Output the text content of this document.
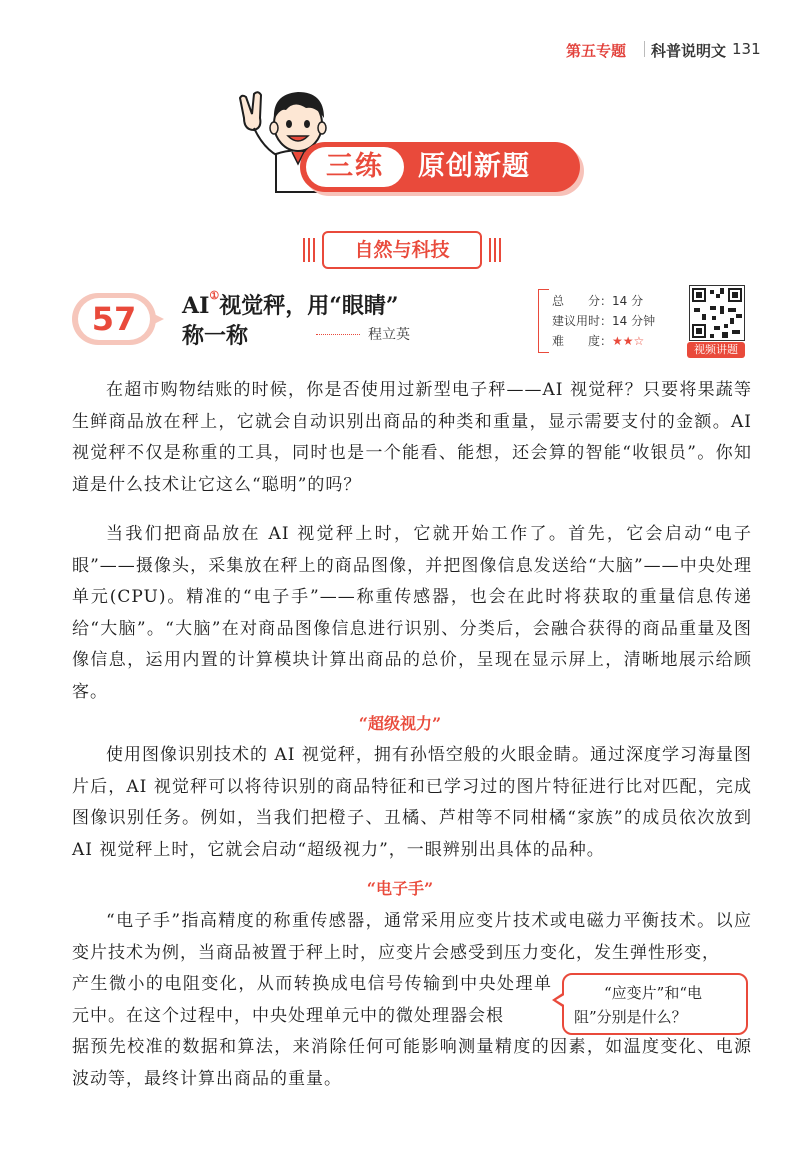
第五专题 科普说明文 131
三练	原创新题
自然与科技
57	AI①视觉秤，用“眼睛”
称一称	程立英
总　　分：14 分
建议用时：14 分钟
难　　度：★★☆
视频讲题

在超市购物结账的时候，你是否使用过新型电子秤——AI 视觉秤？只要将果蔬等生鲜商品放在秤上，它就会自动识别出商品的种类和重量，显示需要支付的金额。AI 视觉秤不仅是称重的工具，同时也是一个能看、能想，还会算的智能“收银员”。你知道是什么技术让它这么“聪明”的吗？

当我们把商品放在 AI 视觉秤上时，它就开始工作了。首先，它会启动“电子眼”——摄像头，采集放在秤上的商品图像，并把图像信息发送给“大脑”——中央处理单元(CPU)。精准的“电子手”——称重传感器，也会在此时将获取的重量信息传递给“大脑”。“大脑”在对商品图像信息进行识别、分类后，会融合获得的商品重量及图像信息，运用内置的计算模块计算出商品的总价，呈现在显示屏上，清晰地展示给顾客。

“超级视力”

使用图像识别技术的 AI 视觉秤，拥有孙悟空般的火眼金睛。通过深度学习海量图片后，AI 视觉秤可以将待识别的商品特征和已学习过的图片特征进行比对匹配，完成图像识别任务。例如，当我们把橙子、丑橘、芦柑等不同柑橘“家族”的成员依次放到 AI 视觉秤上时，它就会启动“超级视力”，一眼辨别出具体的品种。

“电子手”

“电子手”指高精度的称重传感器，通常采用应变片技术或电磁力平衡技术。以应变片技术为例，当商品被置于秤上时，应变片会感受到压力变化，发生弹性形变，

产生微小的电阻变化，从而转换成电信号传输到中央处理单元中。在这个过程中，中央处理单元中的微处理器会根

据预先校准的数据和算法，来消除任何可能影响测量精度的因素，如温度变化、电源波动等，最终计算出商品的重量。

“应变片”和“电阻”分别是什么？
